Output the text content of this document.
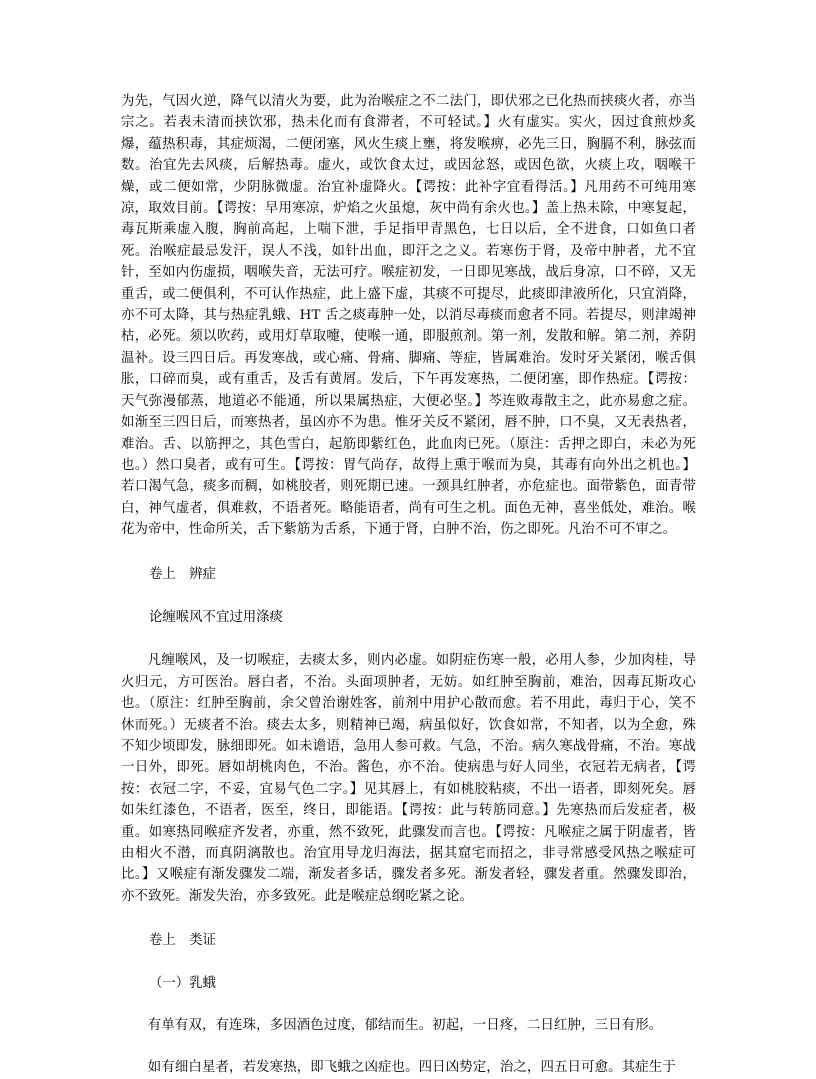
为先，气因火逆，降气以清火为要，此为治喉症之不二法门，即伏邪之已化热而挟痰火者，亦当宗之。若表未清而挟饮邪，热未化而有食滞者，不可轻试。】火有虚实。实火，因过食煎炒炙爆，蕴热积毒，其症烦渴，二便闭塞，风火生痰上壅，将发喉痹，必先三日，胸膈不利，脉弦而数。治宜先去风痰，后解热毒。虚火，或饮食太过，或因忿怒，或因色欲，火痰上攻，咽喉干燥，或二便如常，少阴脉微虚。治宜补虚降火。【谔按：此补字宜看得活。】凡用药不可纯用寒凉，取效目前。【谔按：早用寒凉，炉焰之火虽熄，灰中尚有余火也。】盖上热未除，中寒复起，毒瓦斯乘虚入腹，胸前高起，上喘下泄，手足指甲青黑色，七日以后，全不进食，口如鱼口者死。治喉症最忌发汗，误人不浅，如针出血，即汗之之义。若寒伤于肾，及帝中肿者，尤不宜针，至如内伤虚损，咽喉失音，无法可疗。喉症初发，一日即见寒战，战后身凉，口不碎，又无重舌，或二便俱利，不可认作热症，此上盛下虚，其痰不可提尽，此痰即津液所化，只宜消降，亦不可太降，其与热症乳蛾、HT 舌之痰毒肿一处，以消尽毒痰而愈者不同。若提尽，则津竭神枯，必死。须以吹药，或用灯草取嚏，使喉一通，即服煎剂。第一剂，发散和解。第二剂，养阴温补。设三四日后。再发寒战，或心痛、骨痛、脚痛、等症，皆属难治。发时牙关紧闭，喉舌俱胀，口碎而臭，或有重舌，及舌有黄屑。发后，下午再发寒热，二便闭塞，即作热症。【谔按：天气弥漫郁蒸，地道必不能通，所以果属热症，大便必坚。】芩连败毒散主之，此亦易愈之症。如渐至三四日后，而寒热者，虽凶亦不为患。惟牙关反不紧闭，唇不肿，口不臭，又无表热者，难治。舌、以筋押之，其色雪白，起筋即紫红色，此血肉已死。（原注：舌押之即白，未必为死也。）然口臭者，或有可生。【谔按：胃气尚存，故得上熏于喉而为臭，其毒有向外出之机也。】若口渴气急，痰多而稠，如桃胶者，则死期已速。一颈具红肿者，亦危症也。面带紫色，面青带白，神气虚者，俱难救，不语者死。略能语者，尚有可生之机。面色无神，喜坐低处，难治。喉花为帝中，性命所关，舌下紫筋为舌系，下通于肾，白肿不治，伤之即死。凡治不可不审之。

卷上　辨症

论缠喉风不宜过用涤痰

凡缠喉风，及一切喉症，去痰太多，则内必虚。如阴症伤寒一般，必用人参，少加肉桂，导火归元，方可医治。唇白者，不治。头面项肿者，无妨。如红肿至胸前，难治，因毒瓦斯攻心也。（原注：红肿至胸前，余父曾治谢姓客，前剂中用护心散而愈。若不用此，毒归于心，笑不休而死。）无痰者不治。痰去太多，则精神已竭，病虽似好，饮食如常，不知者，以为全愈，殊不知少顷即发，脉细即死。如未谵语，急用人参可救。气急，不治。病久寒战骨痛，不治。寒战一日外，即死。唇如胡桃肉色，不治。酱色，亦不治。使病患与好人同坐，衣冠若无病者，【谔按：衣冠二字，不妥，宜易气色二字。】见其唇上，有如桃胶粘痰，不出一语者，即刻死矣。唇如朱红漆色，不语者，医至，终日，即能语。【谔按：此与转筋同意。】先寒热而后发症者，极重。如寒热同喉症齐发者，亦重，然不致死，此骤发而言也。【谔按：凡喉症之属于阴虚者，皆由相火不潜，而真阴漓散也。治宜用导龙归海法，据其窟宅而招之，非寻常感受风热之喉症可比。】又喉症有渐发骤发二端，渐发者多话，骤发者多死。渐发者轻，骤发者重。然骤发即治，亦不致死。渐发失治，亦多致死。此是喉症总纲吃紧之论。

卷上　类证

（一）乳蛾

有单有双，有连珠，多因酒色过度，郁结而生。初起，一日疼，二日红肿，三日有形。

如有细白星者，若发寒热，即飞蛾之凶症也。四日凶势定，治之，四五日可愈。其症生于
